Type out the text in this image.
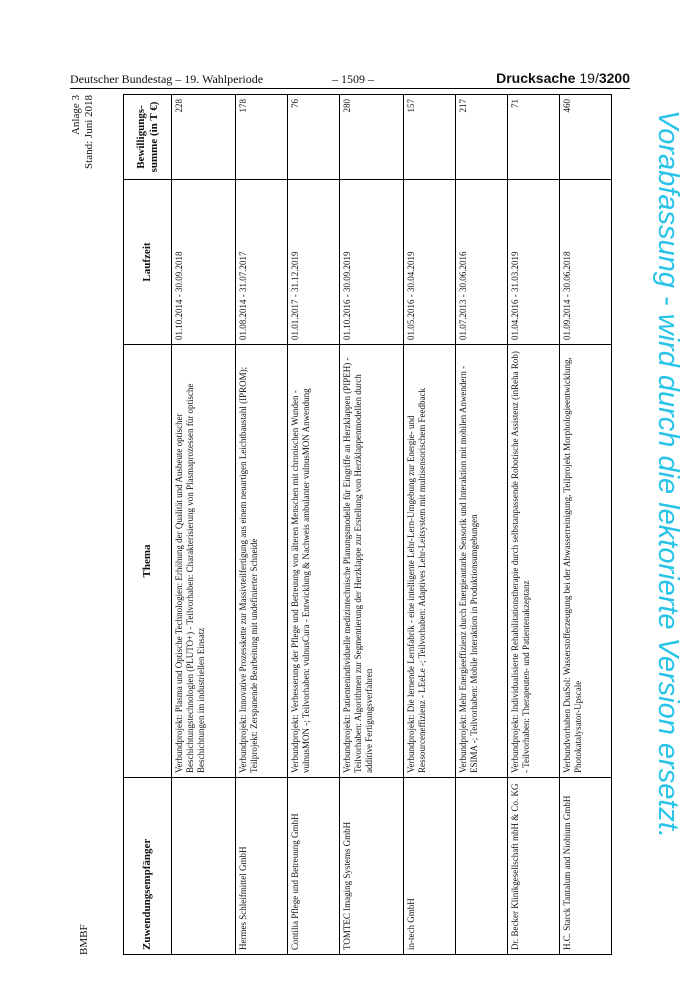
Deutscher Bundestag – 19. Wahlperiode	– 1509 –	Drucksache 19/3200
BMBF
Anlage 3 Stand: Juni 2018
Zuwendungsempfänger	Thema	Laufzeit	Bewilligungs-summe (in T €)
	Verbundprojekt: Plasma und Optische Technologien: Erhöhung der Qualität und Ausbeute optischer Beschichtungstechnologien (PLUTO+) - Teilvorhaben: Charakterisierung von Plasmaprozessen für optische Beschichtungen im industriellen Einsatz	01.10.2014 - 30.09.2018	228
Hermes Schleifmittel GmbH	Verbundprojekt: Innovative Prozesskette zur Massivteilfertigung aus einem neuartigen Leichtbaustahl (IPROM); Teilprojekt: Zerspanende Bearbeitung mit undefinierter Schneide	01.08.2014 - 31.07.2017	178
Contilia Pflege und Betreuung GmbH	Verbundprojekt: Verbesserung der Pflege und Betreuung von älteren Menschen mit chronischen Wunden - vulnusMON -; Teilvorhaben: vulnusCura - Entwicklung & Nachweis ambulanter vulnusMON Anwendung	01.01.2017 - 31.12.2019	76
TOMTEC Imaging Systems GmbH	Verbundprojekt: Patientenindividuelle medizintechnische Planungsmodelle für Eingriffe an Herzklappen (PIPEH) - Teilvorhaben: Algorithmen zur Segmentierung der Herzklappe zur Erstellung von Herzklappenmodellen durch additive Fertigungsverfahren	01.10.2016 - 30.09.2019	280
in-tech GmbH	Verbundprojekt: Die lernende Lernfabrik - eine intelligente Lehr-Lern-Umgebung zur Energie- und Ressourceneffizienz - LEeLe -; Teilvorhaben: Adaptives Lehr-Leitsystem mit multisensorischem Feedback	01.05.2016 - 30.04.2019	157
	Verbundprojekt: Mehr Energieeffizienz durch Energieautarke Sensorik und Interaktion mit mobilen Anwendern - ESIMA -; Teilvorhaben: Mobile Interaktion in Produktionsumgebungen	01.07.2013 - 30.06.2016	217
Dr. Becker Klinikgesellschaft mbH & Co. KG	Verbundprojekt: Individualisierte Rehabilitationstherapie durch selbstanpassende Robotische Assistenz (inReha Rob) - Teilvorhaben: Therapeuten- und Patientenakzeptanz	01.04.2016 - 31.03.2019	71
H.C. Starck Tantalum and Niobium GmbH	Verbundvorhaben DuaSol: Wasserstofferzeugung bei der Abwasserreinigung, Teilprojekt Morphologieentwicklung, Photokatalysator-Upscale	01.09.2014 - 30.06.2018	460
Vorabfassung - wird durch die lektorierte Version ersetzt.
